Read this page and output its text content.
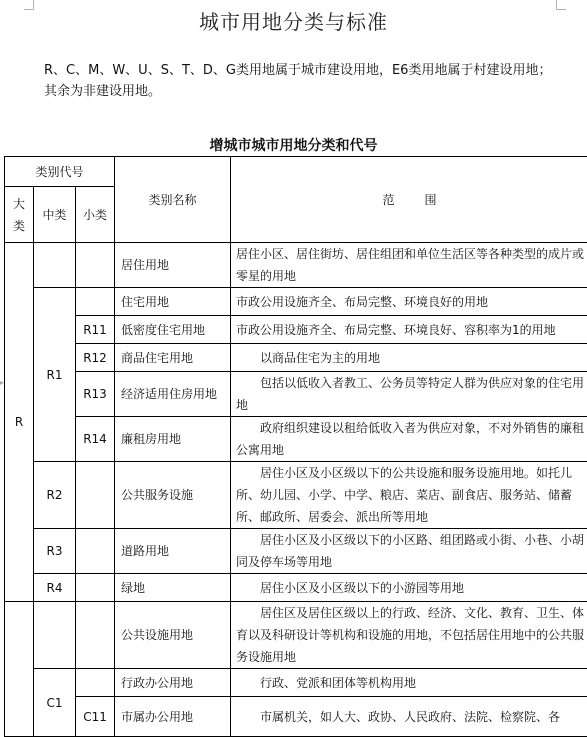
▸
城市用地分类与标准
R、C、M、W、U、S、T、D、G类用地属于城市建设用地，E6类用地属于村建设用地；其余为非建设用地。
增城市城市用地分类和代号
类别代号			类别名称	范　　围
大类	中类	小类		
R			居住用地	居住小区、居住街坊、居住组团和单位生活区等各种类型的成片或零星的用地
	R1		住宅用地	市政公用设施齐全、布局完整、环境良好的用地
		R11	低密度住宅用地	市政公用设施齐全、布局完整、环境良好、容积率为1的用地
		R12	商品住宅用地	以商品住宅为主的用地
		R13	经济适用住房用地	包括以低收入者教工、公务员等特定人群为供应对象的住宅用地
		R14	廉租房用地	政府组织建设以租给低收入者为供应对象，不对外销售的廉租公寓用地
	R2		公共服务设施	居住小区及小区级以下的公共设施和服务设施用地。如托儿所、幼儿园、小学、中学、粮店、菜店、副食店、服务站、储蓄所、邮政所、居委会、派出所等用地
	R3		道路用地	居住小区及小区级以下的小区路、组团路或小街、小巷、小胡同及停车场等用地
	R4		绿地	居住小区及小区级以下的小游园等用地
			公共设施用地	居住区及居住区级以上的行政、经济、文化、教育、卫生、体育以及科研设计等机构和设施的用地，不包括居住用地中的公共服务设施用地
	C1		行政办公用地	行政、党派和团体等机构用地
		C11	市属办公用地	市属机关，如人大、政协、人民政府、法院、检察院、各
